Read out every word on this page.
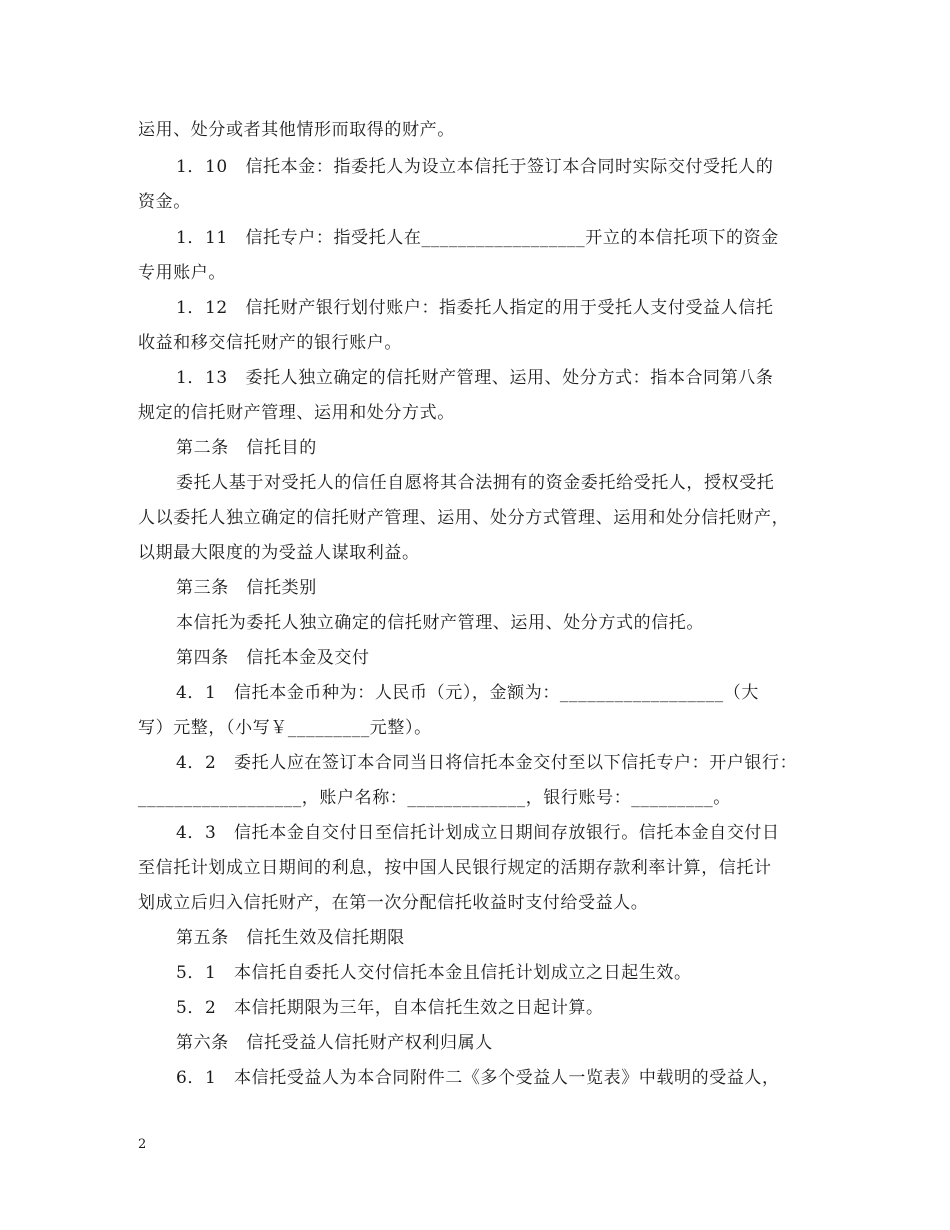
运用、处分或者其他情形而取得的财产。
1．10　信托本金：指委托人为设立本信托于签订本合同时实际交付受托人的
资金。
1．11　信托专户：指受托人在__________________开立的本信托项下的资金
专用账户。
1．12　信托财产银行划付账户：指委托人指定的用于受托人支付受益人信托
收益和移交信托财产的银行账户。
1．13　委托人独立确定的信托财产管理、运用、处分方式：指本合同第八条
规定的信托财产管理、运用和处分方式。
第二条　信托目的
委托人基于对受托人的信任自愿将其合法拥有的资金委托给受托人，授权受托
人以委托人独立确定的信托财产管理、运用、处分方式管理、运用和处分信托财产，
以期最大限度的为受益人谋取利益。
第三条　信托类别
本信托为委托人独立确定的信托财产管理、运用、处分方式的信托。
第四条　信托本金及交付
4．1　信托本金币种为：人民币（元），金额为：__________________（大
写）元整，（小写￥_________元整）。
4．2　委托人应在签订本合同当日将信托本金交付至以下信托专户：开户银行：
__________________，账户名称：_____________，银行账号：_________。
4．3　信托本金自交付日至信托计划成立日期间存放银行。信托本金自交付日
至信托计划成立日期间的利息，按中国人民银行规定的活期存款利率计算，信托计
划成立后归入信托财产，在第一次分配信托收益时支付给受益人。
第五条　信托生效及信托期限
5．1　本信托自委托人交付信托本金且信托计划成立之日起生效。
5．2　本信托期限为三年，自本信托生效之日起计算。
第六条　信托受益人信托财产权利归属人
6．1　本信托受益人为本合同附件二《多个受益人一览表》中载明的受益人，
2
